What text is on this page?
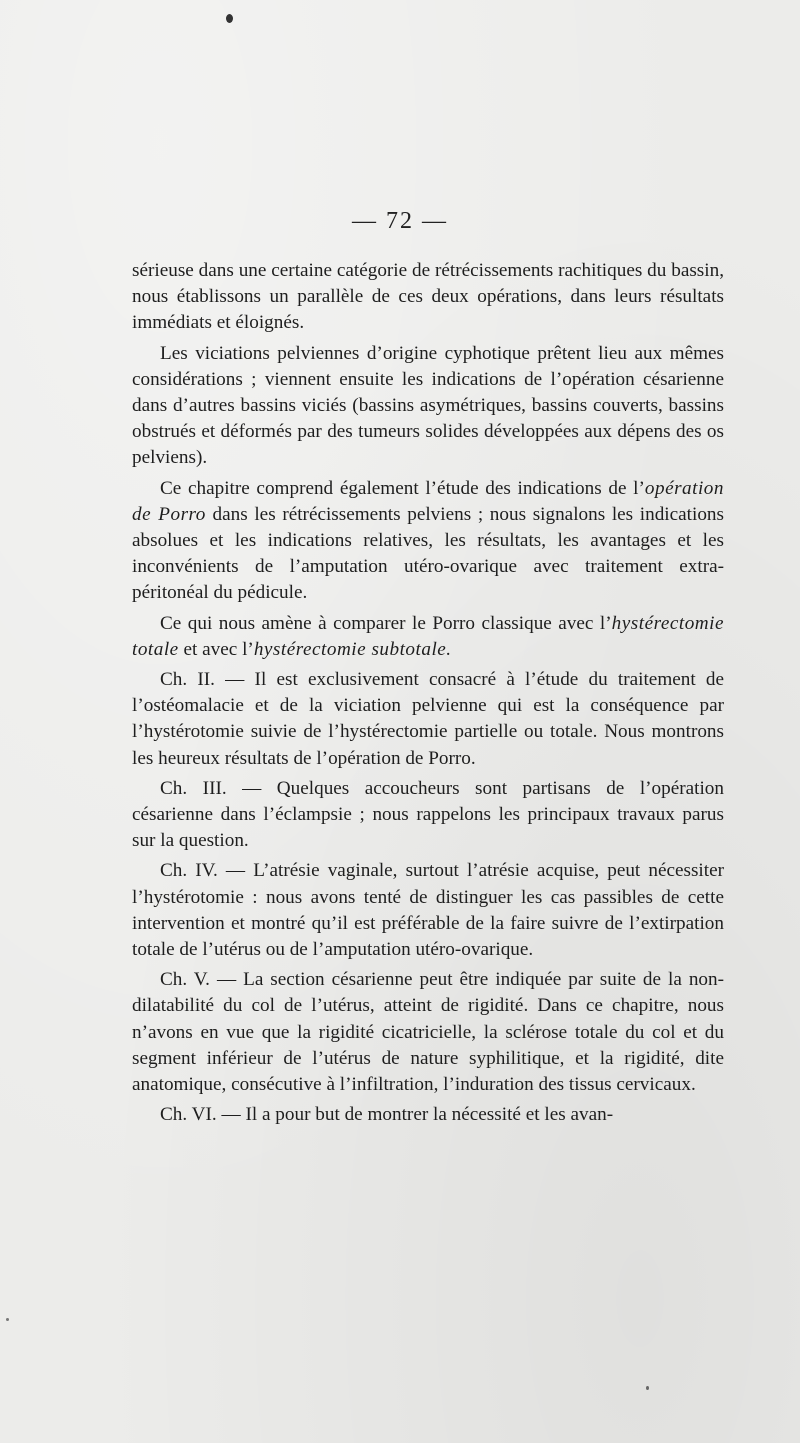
— 72 —

sérieuse dans une certaine catégorie de rétrécissements rachitiques du bassin, nous établissons un parallèle de ces deux opérations, dans leurs résultats immédiats et éloignés.

Les viciations pelviennes d’origine cyphotique prêtent lieu aux mêmes considérations ; viennent ensuite les indications de l’opération césarienne dans d’autres bassins viciés (bassins asymétriques, bassins couverts, bassins obstrués et déformés par des tumeurs solides développées aux dépens des os pelviens).

Ce chapitre comprend également l’étude des indications de l’opération de Porro dans les rétrécissements pelviens ; nous signalons les indications absolues et les indications relatives, les résultats, les avantages et les inconvénients de l’amputation utéro-ovarique avec traitement extra-péritonéal du pédicule.

Ce qui nous amène à comparer le Porro classique avec l’hystérectomie totale et avec l’hystérectomie subtotale.

Ch. II. — Il est exclusivement consacré à l’étude du traitement de l’ostéomalacie et de la viciation pelvienne qui est la conséquence par l’hystérotomie suivie de l’hystérectomie partielle ou totale. Nous montrons les heureux résultats de l’opération de Porro.

Ch. III. — Quelques accoucheurs sont partisans de l’opération césarienne dans l’éclampsie ; nous rappelons les principaux travaux parus sur la question.

Ch. IV. — L’atrésie vaginale, surtout l’atrésie acquise, peut nécessiter l’hystérotomie : nous avons tenté de distinguer les cas passibles de cette intervention et montré qu’il est préférable de la faire suivre de l’extirpation totale de l’utérus ou de l’amputation utéro-ovarique.

Ch. V. — La section césarienne peut être indiquée par suite de la non-dilatabilité du col de l’utérus, atteint de rigidité. Dans ce chapitre, nous n’avons en vue que la rigidité cicatricielle, la sclérose totale du col et du segment inférieur de l’utérus de nature syphilitique, et la rigidité, dite anatomique, consécutive à l’infiltration, l’induration des tissus cervicaux.

Ch. VI. — Il a pour but de montrer la nécessité et les avan-
